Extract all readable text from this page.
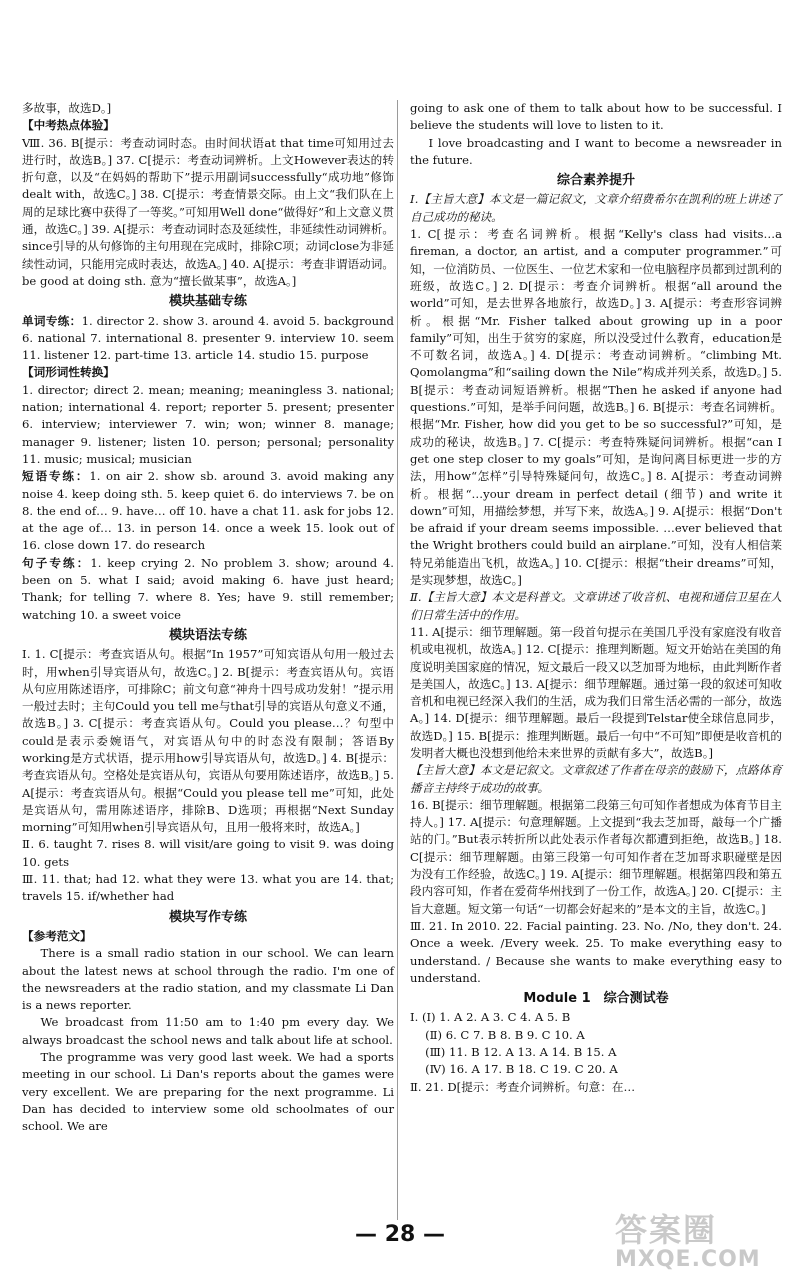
多故事，故选D。]

【中考热点体验】

Ⅷ. 36. B[提示：考查动词时态。由时间状语at that time可知用过去进行时，故选B。] 37. C[提示：考查动词辨析。上文However表达的转折句意，以及“在妈妈的帮助下”提示用副词successfully“成功地”修饰dealt with，故选C。] 38. C[提示：考查情景交际。由上文“我们队在上周的足球比赛中获得了一等奖。”可知用Well done“做得好”和上文意义贯通，故选C。] 39. A[提示：考查动词时态及延续性，非延续性动词辨析。since引导的从句修饰的主句用现在完成时，排除C项；动词close为非延续性动词，只能用完成时表达，故选A。] 40. A[提示：考查非谓语动词。be good at doing sth. 意为“擅长做某事”，故选A。]

模块基础专练

单词专练：1. director 2. show 3. around 4. avoid 5. background 6. national 7. international 8. presenter 9. interview 10. seem 11. listener 12. part-time 13. article 14. studio 15. purpose

【词形词性转换】

1. director; direct 2. mean; meaning; meaningless 3. national; nation; international 4. report; reporter 5. present; presenter 6. interview; interviewer 7. win; won; winner 8. manage; manager 9. listener; listen 10. person; personal; personality 11. music; musical; musician

短语专练：1. on air 2. show sb. around 3. avoid making any noise 4. keep doing sth. 5. keep quiet 6. do interviews 7. be on 8. the end of… 9. have… off 10. have a chat 11. ask for jobs 12. at the age of… 13. in person 14. once a week 15. look out of 16. close down 17. do research

句子专练：1. keep crying 2. No problem 3. show; around 4. been on 5. what I said; avoid making 6. have just heard; Thank; for telling 7. where 8. Yes; have 9. still remember; watching 10. a sweet voice

模块语法专练

Ⅰ. 1. C[提示：考查宾语从句。根据“In 1957”可知宾语从句用一般过去时，用when引导宾语从句，故选C。] 2. B[提示：考查宾语从句。宾语从句应用陈述语序，可排除C；前文句意“神舟十四号成功发射！”提示用一般过去时；主句Could you tell me与that引导的宾语从句意义不通，故选B。] 3. C[提示：考查宾语从句。Could you please…？句型中could是表示委婉语气，对宾语从句中的时态没有限制；答语By working是方式状语，提示用how引导宾语从句，故选D。] 4. B[提示：考查宾语从句。空格处是宾语从句，宾语从句要用陈述语序，故选B。] 5. A[提示：考查宾语从句。根据“Could you please tell me”可知，此处是宾语从句，需用陈述语序，排除B、D选项；再根据“Next Sunday morning”可知用when引导宾语从句，且用一般将来时，故选A。]

Ⅱ. 6. taught 7. rises 8. will visit/are going to visit 9. was doing 10. gets

Ⅲ. 11. that; had 12. what they were 13. what you are 14. that; travels 15. if/whether had

模块写作专练

【参考范文】

There is a small radio station in our school. We can learn about the latest news at school through the radio. I'm one of the newsreaders at the radio station, and my classmate Li Dan is a news reporter.

We broadcast from 11:50 am to 1:40 pm every day. We always broadcast the school news and talk about life at school.

The programme was very good last week. We had a sports meeting in our school. Li Dan's reports about the games were very excellent. We are preparing for the next programme. Li Dan has decided to interview some old schoolmates of our school. We are

going to ask one of them to talk about how to be successful. I believe the students will love to listen to it.

I love broadcasting and I want to become a newsreader in the future.

综合素养提升

Ⅰ.【主旨大意】本文是一篇记叙文，文章介绍费希尔在凯利的班上讲述了自己成功的秘诀。

1. C[提示：考查名词辨析。根据“Kelly's class had visits…a fireman, a doctor, an artist, and a computer programmer.”可知，一位消防员、一位医生、一位艺术家和一位电脑程序员都到过凯利的班级，故选C。] 2. D[提示：考查介词辨析。根据“all around the world”可知，是去世界各地旅行，故选D。] 3. A[提示：考查形容词辨析。根据“Mr. Fisher talked about growing up in a poor family”可知，出生于贫穷的家庭，所以没受过什么教育，education是不可数名词，故选A。] 4. D[提示：考查动词辨析。“climbing Mt. Qomolangma”和“sailing down the Nile”构成并列关系，故选D。] 5. B[提示：考查动词短语辨析。根据“Then he asked if anyone had questions.”可知，是举手问问题，故选B。] 6. B[提示：考查名词辨析。根据“Mr. Fisher, how did you get to be so successful?”可知，是成功的秘诀，故选B。] 7. C[提示：考查特殊疑问词辨析。根据“can I get one step closer to my goals”可知，是询问离目标更进一步的方法，用how“怎样”引导特殊疑问句，故选C。] 8. A[提示：考查动词辨析。根据“…your dream in perfect detail (细节) and write it down”可知，用描绘梦想，并写下来，故选A。] 9. A[提示：根据“Don't be afraid if your dream seems impossible. …ever believed that the Wright brothers could build an airplane.”可知，没有人相信莱特兄弟能造出飞机，故选A。] 10. C[提示：根据“their dreams”可知，是实现梦想，故选C。]

Ⅱ.【主旨大意】本文是科普文。文章讲述了收音机、电视和通信卫星在人们日常生活中的作用。

11. A[提示：细节理解题。第一段首句提示在美国几乎没有家庭没有收音机或电视机，故选A。] 12. C[提示：推理判断题。短文开始站在美国的角度说明美国家庭的情况，短文最后一段又以芝加哥为地标，由此判断作者是美国人，故选C。] 13. A[提示：细节理解题。通过第一段的叙述可知收音机和电视已经深入我们的生活，成为我们日常生活必需的一部分，故选A。] 14. D[提示：细节理解题。最后一段提到Telstar使全球信息同步，故选D。] 15. B[提示：推理判断题。最后一句中“不可知”即便是收音机的发明者大概也没想到他给未来世界的贡献有多大”，故选B。]

【主旨大意】本文是记叙文。文章叙述了作者在母亲的鼓励下，点路体育播音主持终于成功的故事。

16. B[提示：细节理解题。根据第二段第三句可知作者想成为体育节目主持人。] 17. A[提示：句意理解题。上文提到“我去芝加哥，敲每一个广播站的门。”But表示转折所以此处表示作者每次都遭到拒绝，故选B。] 18. C[提示：细节理解题。由第三段第一句可知作者在芝加哥求职碰壁是因为没有工作经验，故选C。] 19. A[提示：细节理解题。根据第四段和第五段内容可知，作者在爱荷华州找到了一份工作，故选A。] 20. C[提示：主旨大意题。短文第一句话“一切都会好起来的”是本文的主旨，故选C。]

Ⅲ. 21. In 2010. 22. Facial painting. 23. No. /No, they don't. 24. Once a week. /Every week. 25. To make everything easy to understand. / Because she wants to make everything easy to understand.

Module 1　综合测试卷

Ⅰ. (Ⅰ) 1. A 2. A 3. C 4. A 5. B

(Ⅱ) 6. C 7. B 8. B 9. C 10. A

(Ⅲ) 11. B 12. A 13. A 14. B 15. A

(Ⅳ) 16. A 17. B 18. C 19. C 20. A

Ⅱ. 21. D[提示：考查介词辨析。句意：在…

— 28 —	答案圈
MXQE.COM
